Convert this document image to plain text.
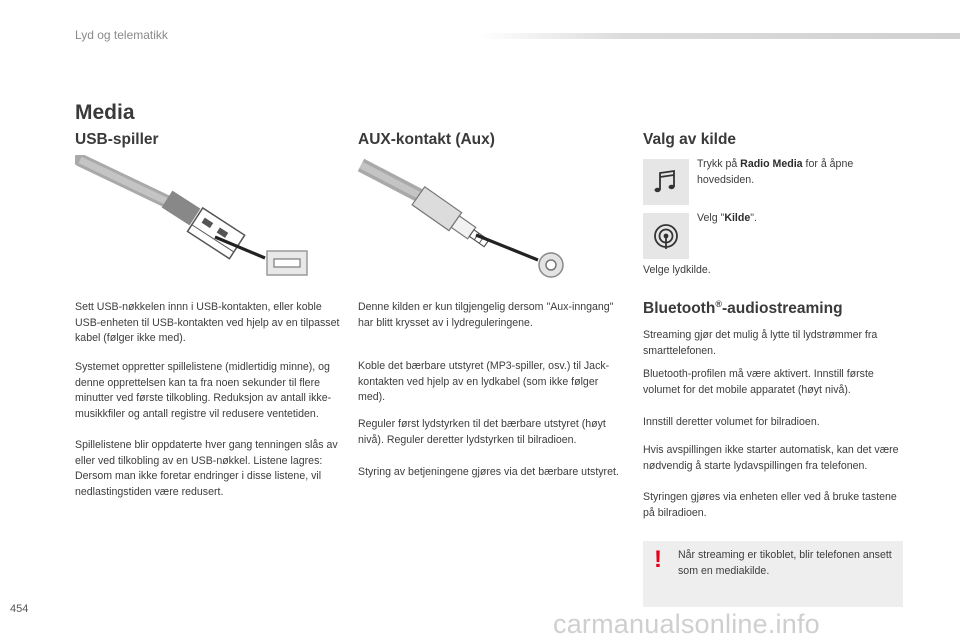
Lyd og telematikk
Media
USB-spiller
Sett USB-nøkkelen innn i USB-kontakten, eller koble USB-enheten til USB-kontakten ved hjelp av en tilpasset kabel (følger ikke med).
Systemet oppretter spillelistene (midlertidig minne), og denne opprettelsen kan ta fra noen sekunder til flere minutter ved første tilkobling. Reduksjon av antall ikke-musikkfiler og antall registre vil redusere ventetiden.
Spillelistene blir oppdaterte hver gang tenningen slås av eller ved tilkobling av en USB-nøkkel. Listene lagres: Dersom man ikke foretar endringer i disse listene, vil nedlastingstiden være redusert.
AUX-kontakt (Aux)
Denne kilden er kun tilgjengelig dersom "Aux-inngang" har blitt krysset av i lydreguleringene.
Koble det bærbare utstyret (MP3-spiller, osv.) til Jack-kontakten ved hjelp av en lydkabel (som ikke følger med).
Reguler først lydstyrken til det bærbare utstyret (høyt nivå). Reguler deretter lydstyrken til bilradioen.
Styring av betjeningene gjøres via det bærbare utstyret.
Valg av kilde
Trykk på Radio Media for å åpne hovedsiden.
Velg "Kilde".
Velge lydkilde.
Bluetooth®-audiostreaming
Streaming gjør det mulig å lytte til lydstrømmer fra smarttelefonen.
Bluetooth-profilen må være aktivert. Innstill første volumet for det mobile apparatet (høyt nivå).
Innstill deretter volumet for bilradioen.
Hvis avspillingen ikke starter automatisk, kan det være nødvendig å starte lydavspillingen fra telefonen.
Styringen gjøres via enheten eller ved å bruke tastene på bilradioen.
! Når streaming er tikoblet, blir telefonen ansett som en mediakilde.
454	carmanualsonline.info
